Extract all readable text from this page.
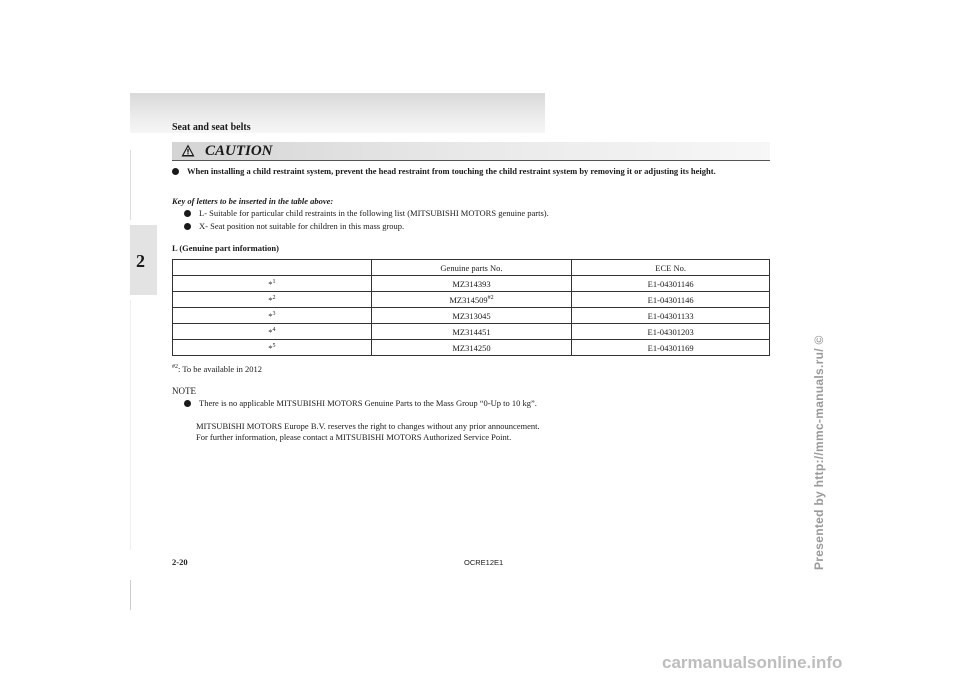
Seat and seat belts
2
CAUTION
When installing a child restraint system, prevent the head restraint from touching the child restraint system by removing it or adjusting its height.
Key of letters to be inserted in the table above:
L- Suitable for particular child restraints in the following list (MITSUBISHI MOTORS genuine parts).
X- Seat position not suitable for children in this mass group.
L (Genuine part information)
	Genuine parts No.	ECE No.
*$^1$	MZ314393	E1-04301146
*$^2$	MZ314509$^{\#2}$	E1-04301146
*$^3$	MZ313045	E1-04301133
*$^4$	MZ314451	E1-04301203
*$^5$	MZ314250	E1-04301169
$^{\#2}$: To be available in 2012
NOTE
There is no applicable MITSUBISHI MOTORS Genuine Parts to the Mass Group “0-Up to 10 kg”.
MITSUBISHI MOTORS Europe B.V. reserves the right to changes without any prior announcement.
For further information, please contact a MITSUBISHI MOTORS Authorized Service Point.
2-20	OCRE12E1	Presented by http://mmc-manuals.ru/ ©
carmanualsonline.info
